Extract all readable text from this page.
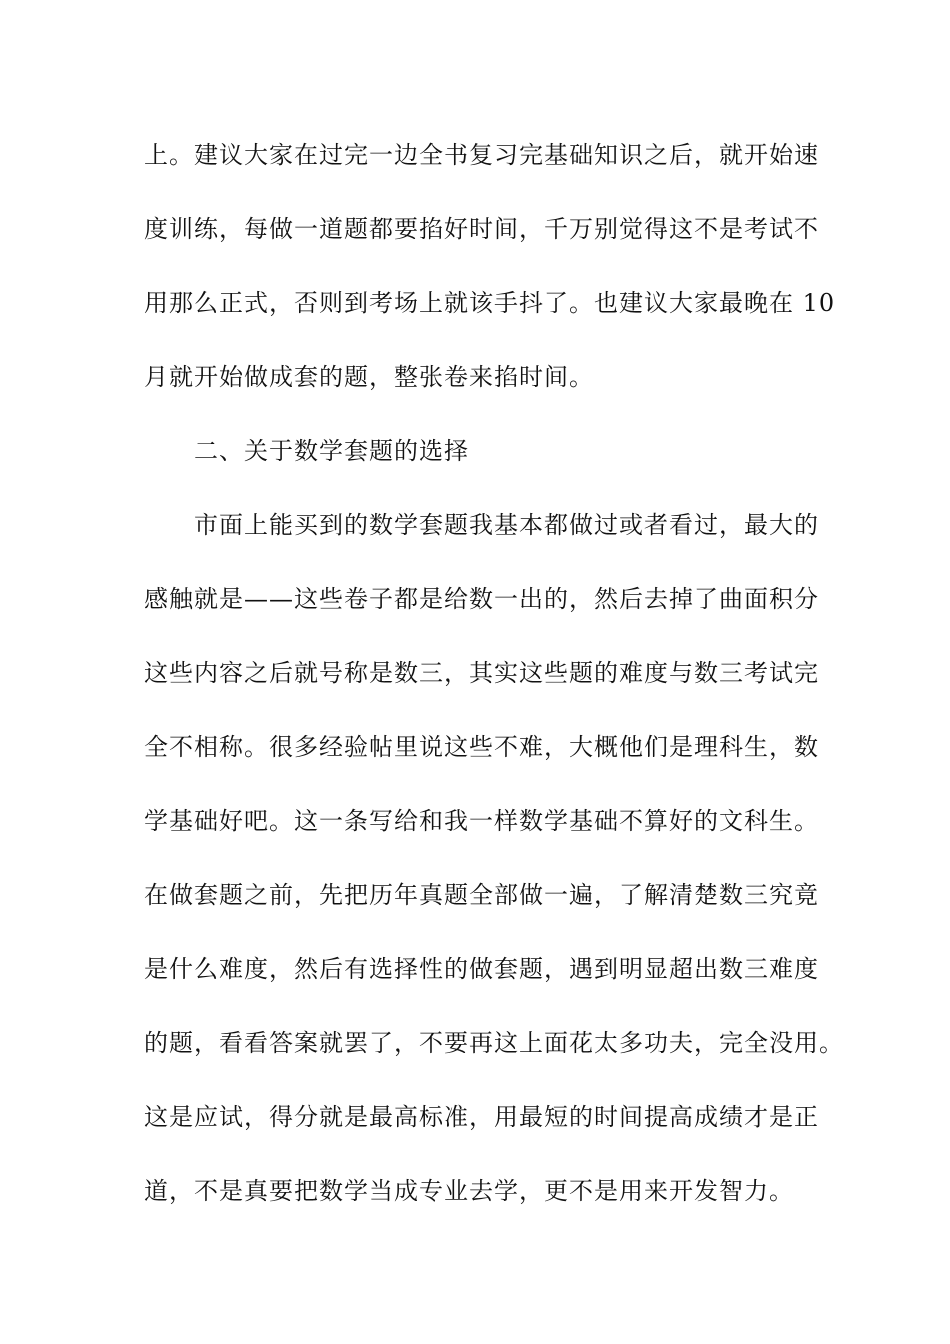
上。建议大家在过完一边全书复习完基础知识之后，就开始速
度训练，每做一道题都要掐好时间，千万别觉得这不是考试不
用那么正式，否则到考场上就该手抖了。也建议大家最晚在 10
月就开始做成套的题，整张卷来掐时间。
二、关于数学套题的选择
市面上能买到的数学套题我基本都做过或者看过，最大的
感触就是——这些卷子都是给数一出的，然后去掉了曲面积分
这些内容之后就号称是数三，其实这些题的难度与数三考试完
全不相称。很多经验帖里说这些不难，大概他们是理科生，数
学基础好吧。这一条写给和我一样数学基础不算好的文科生。
在做套题之前，先把历年真题全部做一遍，了解清楚数三究竟
是什么难度，然后有选择性的做套题，遇到明显超出数三难度
的题，看看答案就罢了，不要再这上面花太多功夫，完全没用。
这是应试，得分就是最高标准，用最短的时间提高成绩才是正
道，不是真要把数学当成专业去学，更不是用来开发智力。
